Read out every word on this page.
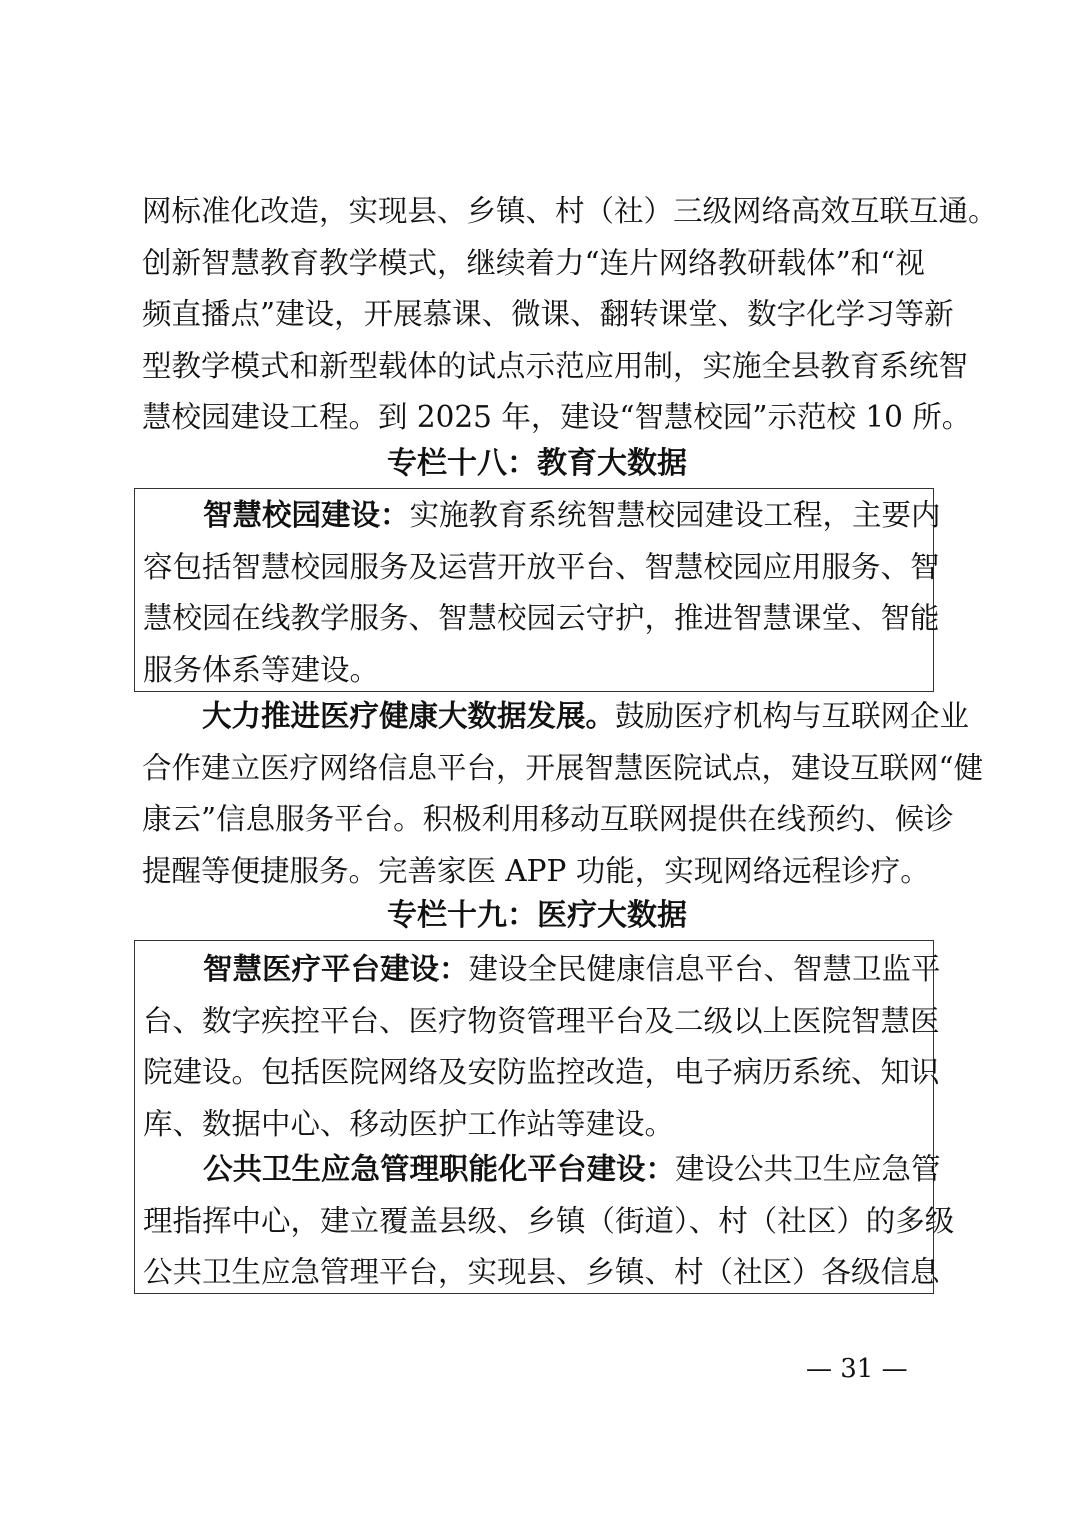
网标准化改造，实现县、乡镇、村（社）三级网络高效互联互通。
创新智慧教育教学模式，继续着力“连片网络教研载体”和“视
频直播点”建设，开展慕课、微课、翻转课堂、数字化学习等新
型教学模式和新型载体的试点示范应用制，实施全县教育系统智
慧校园建设工程。到 2025 年，建设“智慧校园”示范校 10 所。
专栏十八：教育大数据
智慧校园建设：实施教育系统智慧校园建设工程，主要内
容包括智慧校园服务及运营开放平台、智慧校园应用服务、智
慧校园在线教学服务、智慧校园云守护，推进智慧课堂、智能
服务体系等建设。
大力推进医疗健康大数据发展。鼓励医疗机构与互联网企业
合作建立医疗网络信息平台，开展智慧医院试点，建设互联网“健
康云”信息服务平台。积极利用移动互联网提供在线预约、候诊
提醒等便捷服务。完善家医 APP 功能，实现网络远程诊疗。
专栏十九：医疗大数据
智慧医疗平台建设：建设全民健康信息平台、智慧卫监平
台、数字疾控平台、医疗物资管理平台及二级以上医院智慧医
院建设。包括医院网络及安防监控改造，电子病历系统、知识
库、数据中心、移动医护工作站等建设。
公共卫生应急管理职能化平台建设：建设公共卫生应急管
理指挥中心，建立覆盖县级、乡镇（街道）、村（社区）的多级
公共卫生应急管理平台，实现县、乡镇、村（社区）各级信息
— 31 —
